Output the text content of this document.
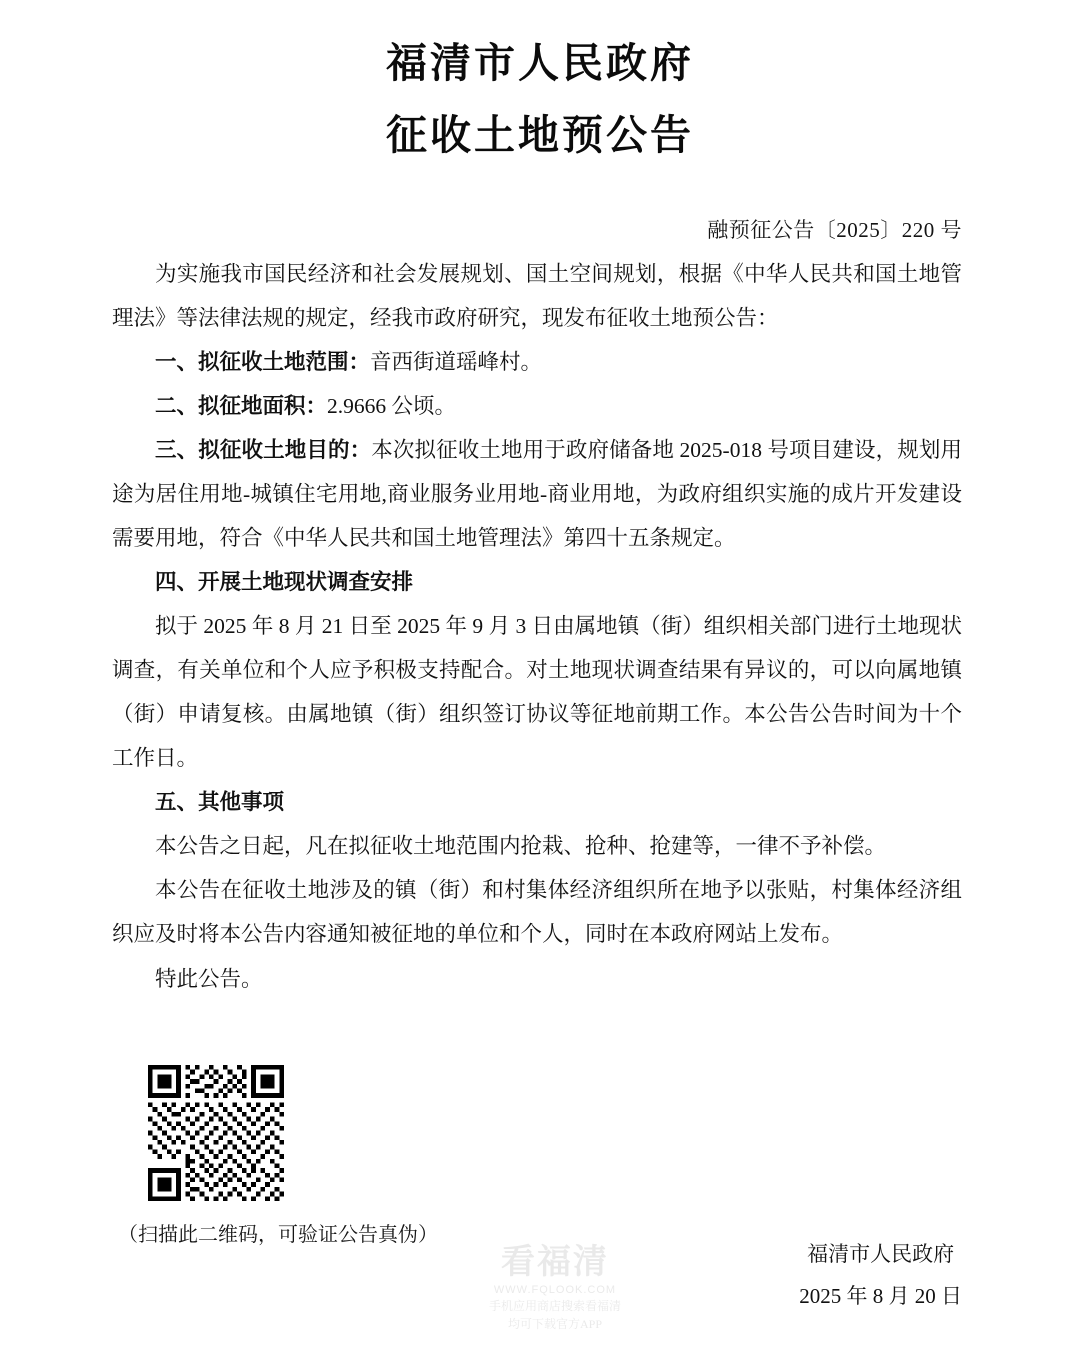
福清市人民政府
征收土地预公告
融预征公告〔2025〕220 号

为实施我市国民经济和社会发展规划、国土空间规划，根据《中华人民共和国土地管理法》等法律法规的规定，经我市政府研究，现发布征收土地预公告：

一、拟征收土地范围：音西街道瑶峰村。

二、拟征地面积：2.9666 公顷。

三、拟征收土地目的：本次拟征收土地用于政府储备地 2025-018 号项目建设，规划用途为居住用地-城镇住宅用地,商业服务业用地-商业用地，为政府组织实施的成片开发建设需要用地，符合《中华人民共和国土地管理法》第四十五条规定。

四、开展土地现状调查安排

拟于 2025 年 8 月 21 日至 2025 年 9 月 3 日由属地镇（街）组织相关部门进行土地现状调查，有关单位和个人应予积极支持配合。对土地现状调查结果有异议的，可以向属地镇（街）申请复核。由属地镇（街）组织签订协议等征地前期工作。本公告公告时间为十个工作日。

五、其他事项

本公告之日起，凡在拟征收土地范围内抢栽、抢种、抢建等，一律不予补偿。

本公告在征收土地涉及的镇（街）和村集体经济组织所在地予以张贴，村集体经济组织应及时将本公告内容通知被征地的单位和个人，同时在本政府网站上发布。

特此公告。

（扫描此二维码，可验证公告真伪）
看福清
WWW.FQLOOK.COM
手机应用商店搜索看福清
均可下载官方APP
福清市人民政府
2025 年 8 月 20 日
